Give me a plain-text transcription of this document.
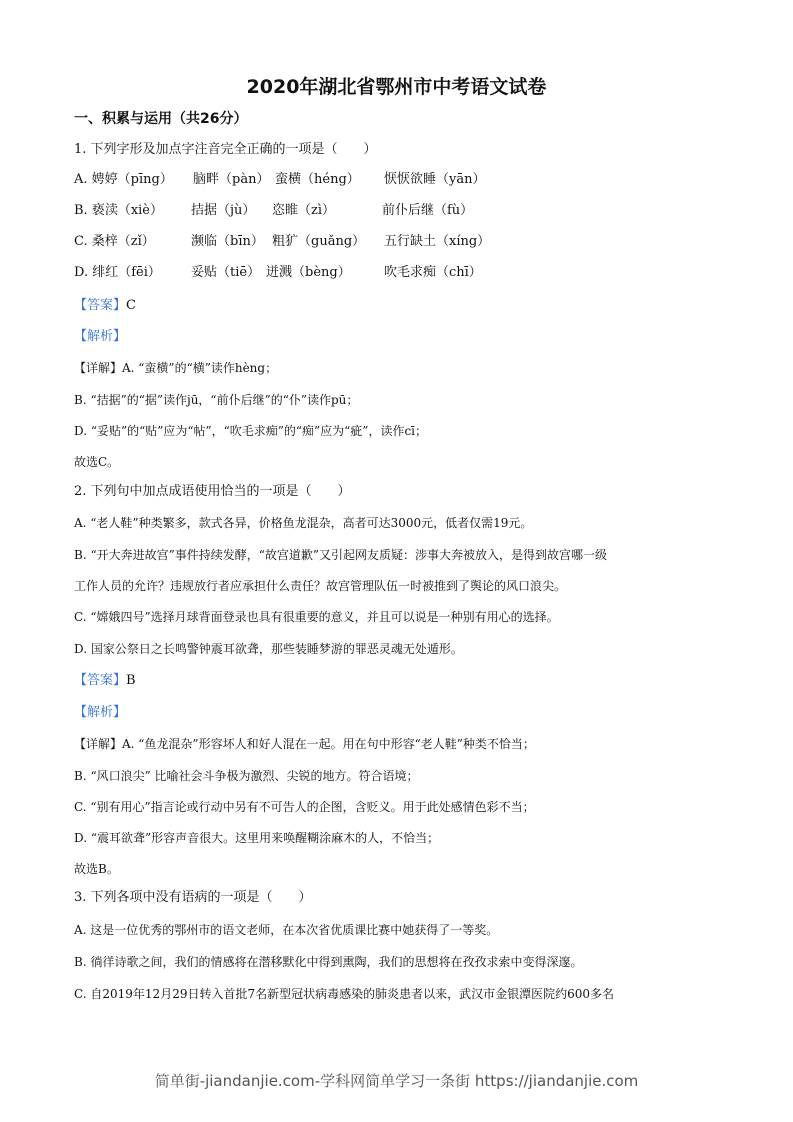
2020年湖北省鄂州市中考语文试卷
一、积累与运用（共26分）
1. 下列字形及加点字注音完全正确的一项是（　　）
A. 娉婷（pīng） 脑畔（pàn） 蛮横（héng） 恹恹欲睡（yān）
B. 亵渎（xiè） 拮据（jù） 恣睢（zì）	前仆后继（fù）
C. 桑梓（zǐ）	濒临（bīn） 粗犷（guǎng） 五行缺土（xíng）
D. 绯红（fēi） 妥贴（tiē） 迸溅（bèng）	吹毛求痴（chī）
【答案】C
【解析】
【详解】A. “蛮横”的“横”读作hèng；
B. “拮据”的“据”读作jū，“前仆后继”的“仆”读作pū；
D. “妥贴”的“贴”应为“帖”，“吹毛求痴”的“痴”应为“疵”，读作cī；
故选C。
2. 下列句中加点成语使用恰当的一项是（　　）
A. “老人鞋”种类繁多，款式各异，价格鱼龙混杂，高者可达3000元，低者仅需19元。
B. “开大奔进故宫”事件持续发酵，“故宫道歉”又引起网友质疑：涉事大奔被放入，是得到故宫哪一级
工作人员的允许？违规放行者应承担什么责任？故宫管理队伍一时被推到了舆论的风口浪尖。
C. “嫦娥四号”选择月球背面登录也具有很重要的意义，并且可以说是一种别有用心的选择。
D. 国家公祭日之长鸣警钟震耳欲聋，那些装睡梦游的罪恶灵魂无处遁形。
【答案】B
【解析】
【详解】A. “鱼龙混杂”形容坏人和好人混在一起。用在句中形容“老人鞋”种类不恰当；
B. “风口浪尖” 比喻社会斗争极为激烈、尖锐的地方。符合语境；
C. “别有用心”指言论或行动中另有不可告人的企图，含贬义。用于此处感情色彩不当；
D. “震耳欲聋”形容声音很大。这里用来唤醒糊涂麻木的人，不恰当；
故选B。
3. 下列各项中没有语病的一项是（　　）
A. 这是一位优秀的鄂州市的语文老师，在本次省优质课比赛中她获得了一等奖。
B. 徜徉诗歌之间，我们的情感将在潜移默化中得到熏陶，我们的思想将在孜孜求索中变得深邃。
C. 自2019年12月29日转入首批7名新型冠状病毒感染的肺炎患者以来，武汉市金银潭医院约600多名
简单街-jiandanjie.com-学科网简单学习一条街 https://jiandanjie.com
